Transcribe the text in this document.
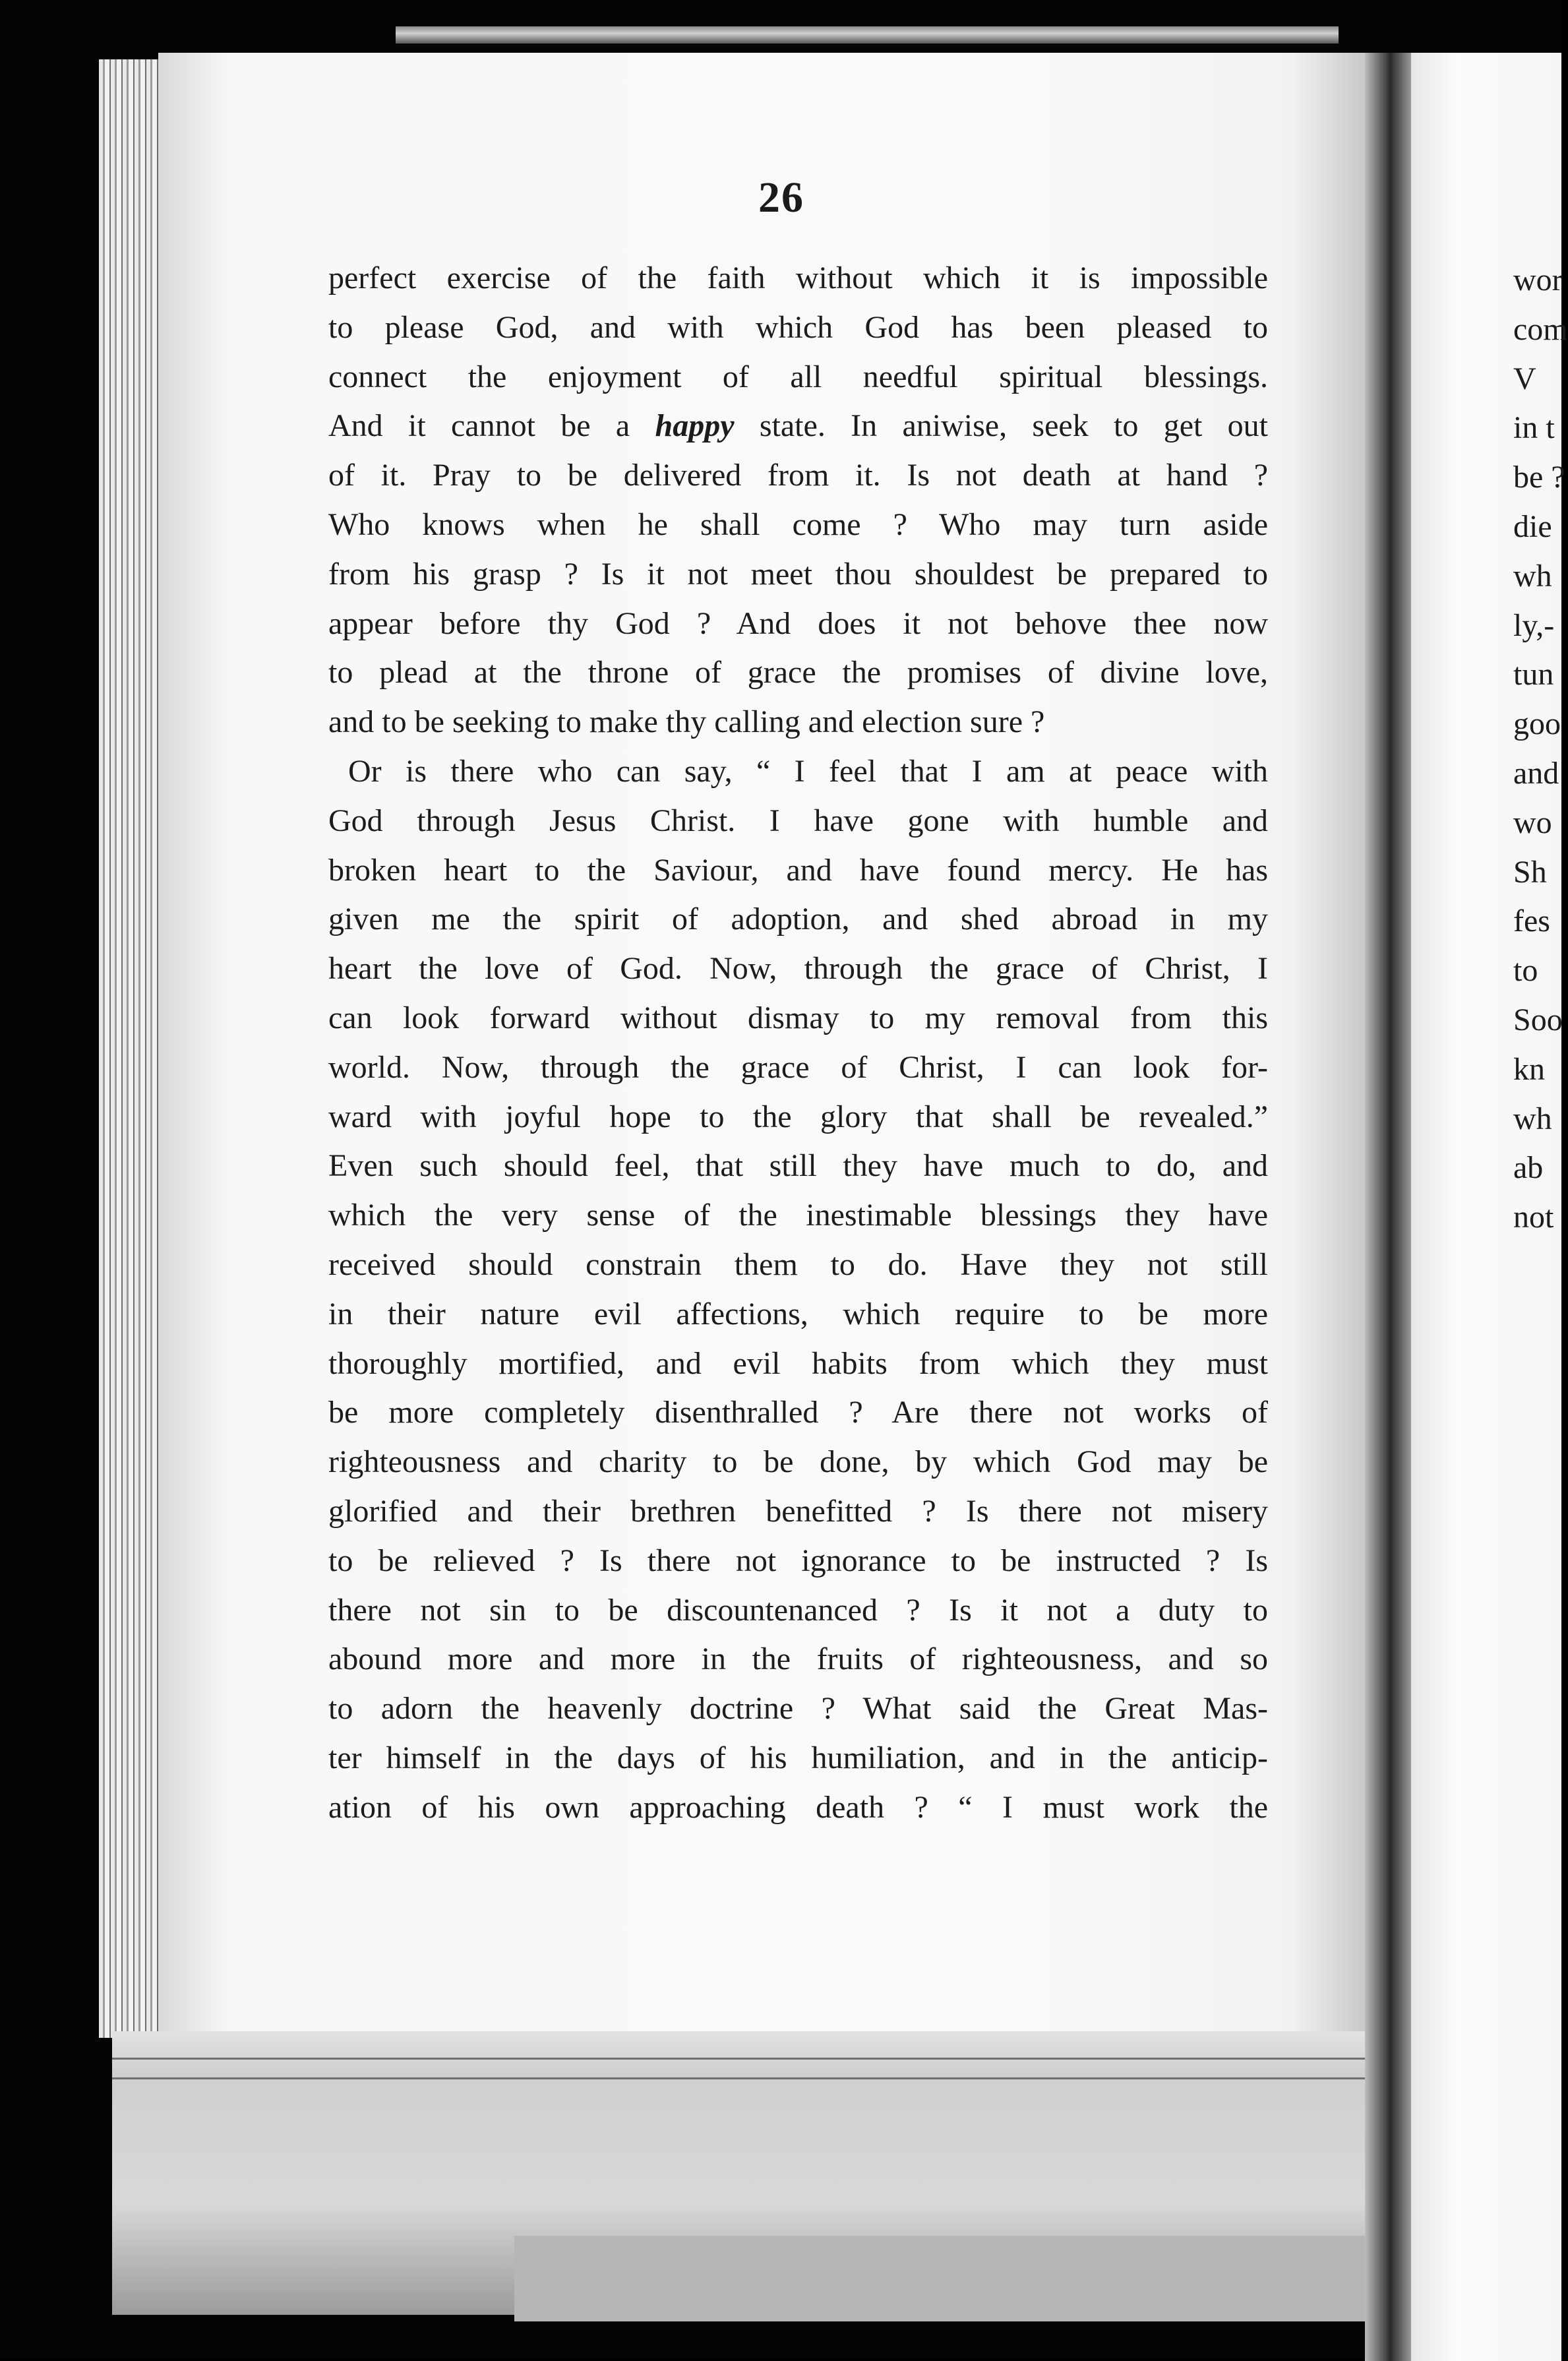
26
perfect exercise of the faith without which it is impossible
to please God, and with which God has been pleased to
connect the enjoyment of all needful spiritual blessings.
And it cannot be a happy state. In aniwise, seek to get out
of it. Pray to be delivered from it. Is not death at hand ?
Who knows when he shall come ? Who may turn aside
from his grasp ? Is it not meet thou shouldest be prepared to
appear before thy God ? And does it not behove thee now
to plead at the throne of grace the promises of divine love,
and to be seeking to make thy calling and election sure ?
Or is there who can say, “ I feel that I am at peace with
God through Jesus Christ. I have gone with humble and
broken heart to the Saviour, and have found mercy. He has
given me the spirit of adoption, and shed abroad in my
heart the love of God. Now, through the grace of Christ, I
can look forward without dismay to my removal from this
world. Now, through the grace of Christ, I can look for-
ward with joyful hope to the glory that shall be revealed.”
Even such should feel, that still they have much to do, and
which the very sense of the inestimable blessings they have
received should constrain them to do. Have they not still
in their nature evil affections, which require to be more
thoroughly mortified, and evil habits from which they must
be more completely disenthralled ? Are there not works of
righteousness and charity to be done, by which God may be
glorified and their brethren benefitted ? Is there not misery
to be relieved ? Is there not ignorance to be instructed ? Is
there not sin to be discountenanced ? Is it not a duty to
abound more and more in the fruits of righteousness, and so
to adorn the heavenly doctrine ? What said the Great Mas-
ter himself in the days of his humiliation, and in the anticip-
ation of his own approaching death ? “ I must work the
wor
com
V
in t
be ?
die
wh
ly,-
tun
goo
and
wo
Sh
fes
to
Soo
kn
wh
ab
not
